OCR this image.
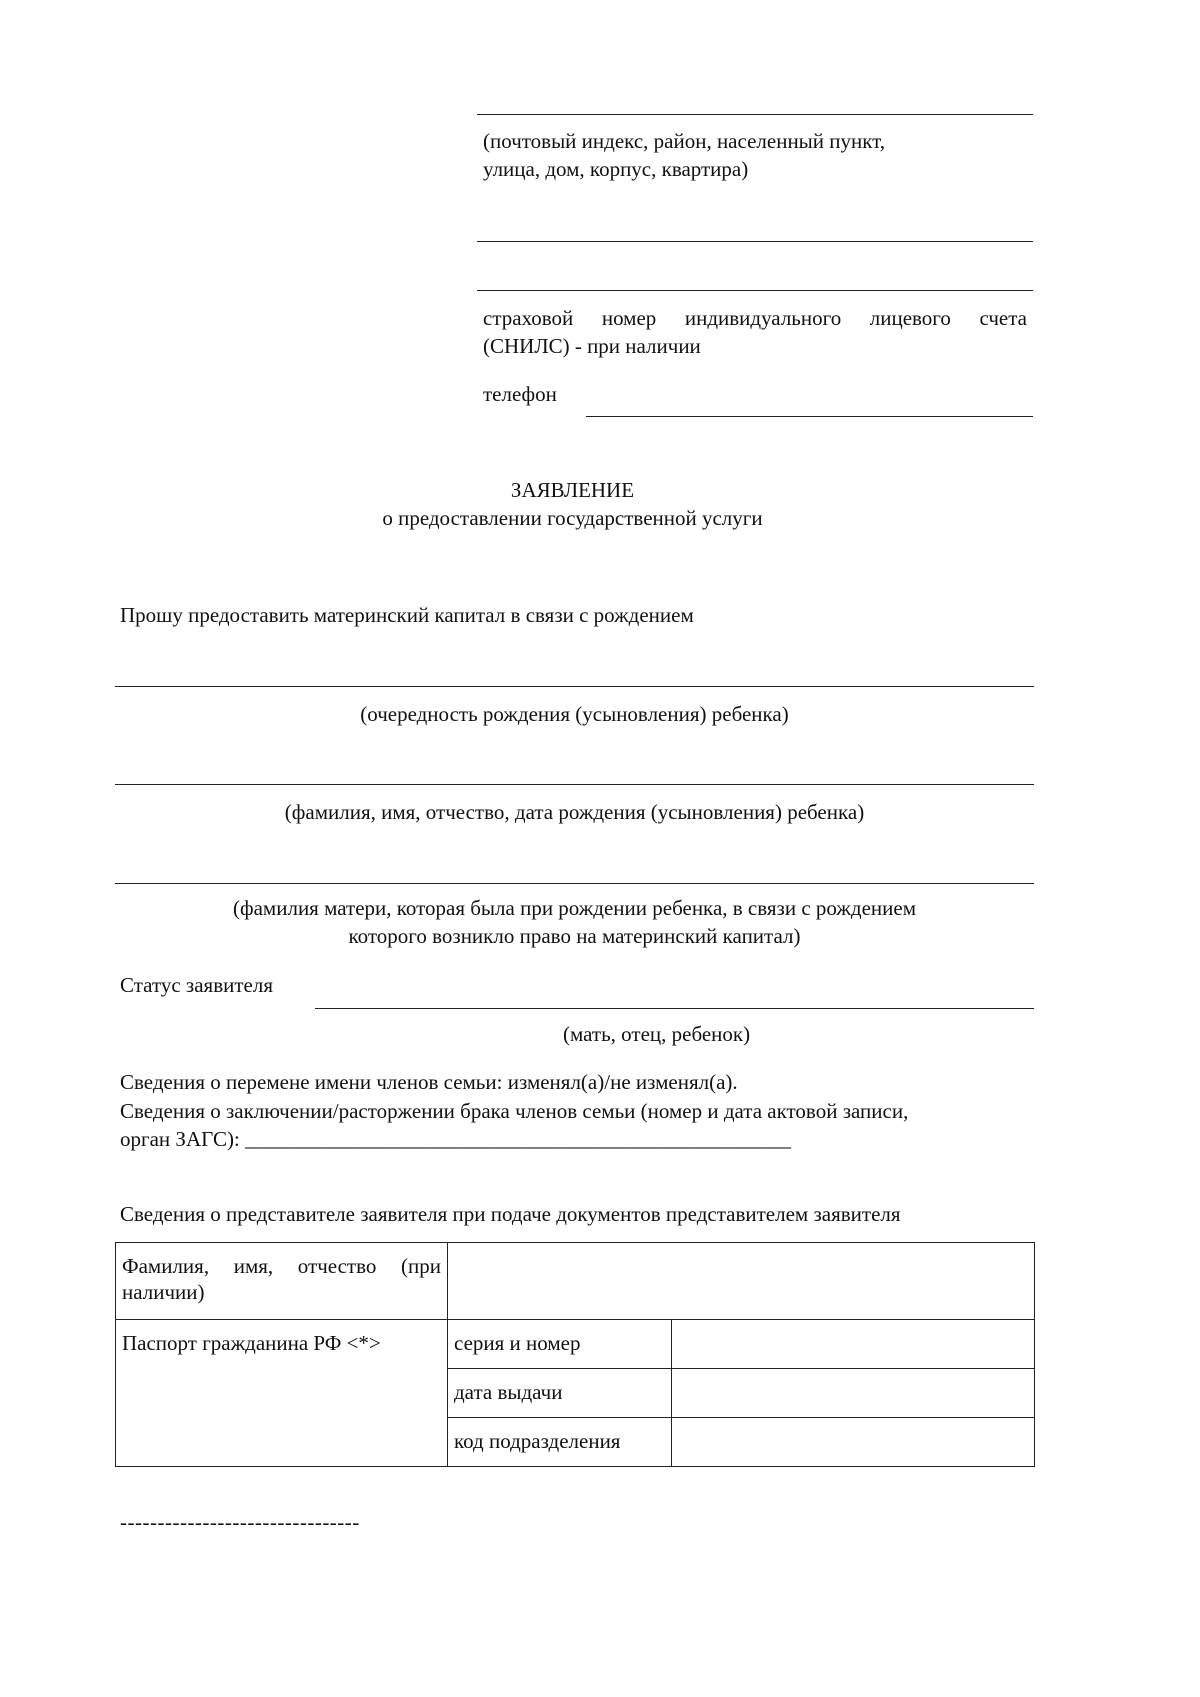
(почтовый индекс, район, населенный пункт,
улица, дом, корпус, квартира)
страховой номер индивидуального лицевого счета
(СНИЛС) - при наличии
телефон
ЗАЯВЛЕНИЕ
о предоставлении государственной услуги
Прошу предоставить материнский капитал в связи с рождением
(очередность рождения (усыновления) ребенка)
(фамилия, имя, отчество, дата рождения (усыновления) ребенка)
(фамилия матери, которая была при рождении ребенка, в связи с рождением
которого возникло право на материнский капитал)
Статус заявителя
(мать, отец, ребенок)
Сведения о перемене имени членов семьи: изменял(а)/не изменял(а).
Сведения о заключении/расторжении брака членов семьи (номер и дата актовой записи,
орган ЗАГС): ____________________________________________________
Сведения о представителе заявителя при подаче документов представителем заявителя
Фамилия, имя, отчество (при наличии)		
Паспорт гражданина РФ <*>	серия и номер	
	дата выдачи	
	код подразделения	
--------------------------------
